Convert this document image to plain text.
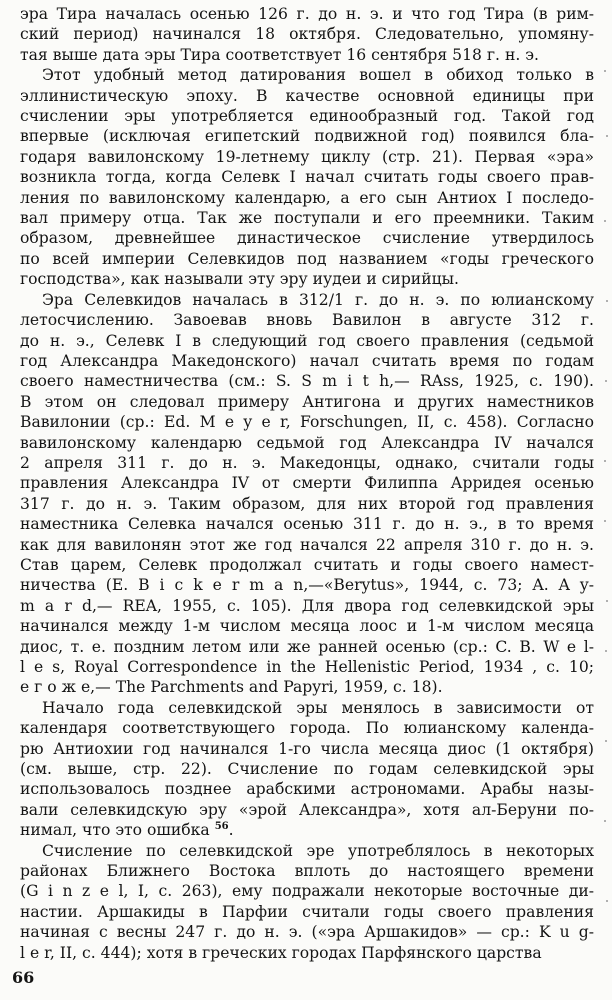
эра Тира началась осенью 126 г. до н. э. и что год Тира (в рим-
ский период) начинался 18 октября. Следовательно, упомяну-
тая выше дата эры Тира соответствует 16 сентября 518 г. н. э.
Этот удобный метод датирования вошел в обиход только в
эллинистическую эпоху. В качестве основной единицы при
счислении эры употребляется единообразный год. Такой год
впервые (исключая египетский подвижной год) появился бла-
годаря вавилонскому 19-летнему циклу (стр. 21). Первая «эра»
возникла тогда, когда Селевк I начал считать годы своего прав-
ления по вавилонскому календарю, а его сын Антиох I последо-
вал примеру отца. Так же поступали и его преемники. Таким
образом, древнейшее династическое счисление утвердилось
по всей империи Селевкидов под названием «годы греческого
господства», как называли эту эру иудеи и сирийцы.
Эра Селевкидов началась в 312/1 г. до н. э. по юлианскому
летосчислению. Завоевав вновь Вавилон в августе 312 г.
до н. э., Селевк I в следующий год своего правления (седьмой
год Александра Македонского) начал считать время по годам
своего наместничества (см.: S. S m i t h,— RAss, 1925, с. 190).
В этом он следовал примеру Антигона и других наместников
Вавилонии (ср.: Ed. M e y e r, Forschungen, II, с. 458). Согласно
вавилонскому календарю седьмой год Александра IV начался
2 апреля 311 г. до н. э. Македонцы, однако, считали годы
правления Александра IV от смерти Филиппа Арридея осенью
317 г. до н. э. Таким образом, для них второй год правления
наместника Селевка начался осенью 311 г. до н. э., в то время
как для вавилонян этот же год начался 22 апреля 310 г. до н. э.
Став царем, Селевк продолжал считать и годы своего намест-
ничества (E. B i c k e r m a n,—«Berytus», 1944, с. 73; A. A y-
m a r d,— REA, 1955, с. 105). Для двора год селевкидской эры
начинался между 1-м числом месяца лоос и 1-м числом месяца
диос, т. е. поздним летом или же ранней осенью (ср.: C. B. W e l-
l e s, Royal Correspondence in the Hellenistic Period, 1934 , с. 10;
е г о ж е,— The Parchments and Papyri, 1959, с. 18).
Начало года селевкидской эры менялось в зависимости от
календаря соответствующего города. По юлианскому календа-
рю Антиохии год начинался 1-го числа месяца диос (1 октября)
(см. выше, стр. 22). Счисление по годам селевкидской эры
использовалось позднее арабскими астрономами. Арабы назы-
вали селевкидскую эру «эрой Александра», хотя ал-Беруни по-
нимал, что это ошибка $^{56}$.
Счисление по селевкидской эре употреблялось в некоторых
районах Ближнего Востока вплоть до настоящего времени
(G i n z e l, I, с. 263), ему подражали некоторые восточные ди-
настии. Аршакиды в Парфии считали годы своего правления
начиная с весны 247 г. до н. э. («эра Аршакидов» — ср.: K u g-
l e r, II, с. 444); хотя в греческих городах Парфянского царства
66
